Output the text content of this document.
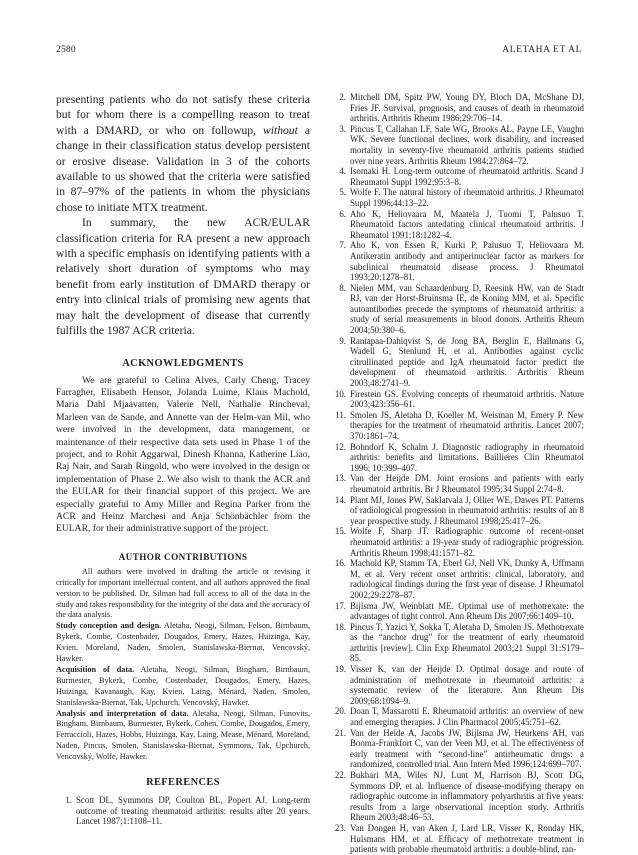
2580	ALETAHA ET AL

presenting patients who do not satisfy these criteria but for whom there is a compelling reason to treat with a DMARD, or who on followup, without a change in their classification status develop persistent or erosive disease. Validation in 3 of the cohorts available to us showed that the criteria were satisfied in 87–97% of the patients in whom the physicians chose to initiate MTX treatment.

In summary, the new ACR/EULAR classification criteria for RA present a new approach with a specific emphasis on identifying patients with a relatively short duration of symptoms who may benefit from early institution of DMARD therapy or entry into clinical trials of promising new agents that may halt the development of disease that currently fulfills the 1987 ACR criteria.

ACKNOWLEDGMENTS

We are grateful to Celina Alves, Carly Cheng, Tracey Farragher, Elisabeth Hensor, Jolanda Luime, Klaus Machold, Maria Dahl Mjaavatten, Valerie Nell, Nathalie Rincheval, Marleen van de Sande, and Annette van der Helm-van Mil, who were involved in the development, data management, or maintenance of their respective data sets used in Phase 1 of the project, and to Rohit Aggarwal, Dinesh Khanna, Katherine Liao, Raj Nair, and Sarah Ringold, who were involved in the design or implementation of Phase 2. We also wish to thank the ACR and the EULAR for their financial support of this project. We are especially grateful to Amy Miller and Regina Parker from the ACR and Heinz Marchesi and Anja Schönbächler from the EULAR, for their administrative support of the project.

AUTHOR CONTRIBUTIONS

All authors were involved in drafting the article or revising it critically for important intellectual content, and all authors approved the final version to be published. Dr. Silman had full access to all of the data in the study and takes responsibility for the integrity of the data and the accuracy of the data analysis.

Study conception and design. Aletaha, Neogi, Silman, Felson, Birnbaum, Bykerk, Combe, Costenbader, Dougados, Emery, Hazes, Huizinga, Kay, Kvien, Moreland, Naden, Smolen, Stanislawska-Biernat, Vencovský, Hawker.

Acquisition of data. Aletaha, Neogi, Silman, Bingham, Birnbaum, Burmester, Bykerk, Combe, Costenbader, Dougados, Emery, Hazes, Huizinga, Kavanaugh, Kay, Kvien, Laing, Ménard, Naden, Smolen, Stanislawska-Biernat, Tak, Upchurch, Vencovský, Hawker.

Analysis and interpretation of data. Aletaha, Neogi, Silman, Funovits, Bingham, Birnbaum, Burmester, Bykerk, Cohen, Combe, Dougados, Emery, Ferraccioli, Hazes, Hobbs, Huizinga, Kay, Laing, Mease, Ménard, Moreland, Naden, Pincus, Smolen, Stanislawska-Biernat, Symmons, Tak, Upchurch, Vencovský, Wolfe, Hawker.

REFERENCES
1. Scott DL, Symmons DP, Coulton BL, Popert AJ. Long-term outcome of treating rheumatoid arthritis: results after 20 years. Lancet 1987;1:1108–11.
2. Mitchell DM, Spitz PW, Young DY, Bloch DA, McShane DJ, Fries JF. Survival, prognosis, and causes of death in rheumatoid arthritis. Arthritis Rheum 1986;29:706–14.
3. Pincus T, Callahan LF, Sale WG, Brooks AL, Payne LE, Vaughn WK. Severe functional declines, work disability, and increased mortality in seventy-five rheumatoid arthritis patients studied over nine years. Arthritis Rheum 1984;27:864–72.
4. Isomaki H. Long-term outcome of rheumatoid arthritis. Scand J Rheumatol Suppl 1992;95:3–8.
5. Wolfe F. The natural history of rheumatoid arthritis. J Rheumatol Suppl 1996;44:13–22.
6. Aho K, Heliovaara M, Maatela J, Tuomi T, Palusuo T. Rheumatoid factors antedating clinical rheumatoid arthritis. J Rheumatol 1991;18:1282–4.
7. Aho K, von Essen R, Kurki P, Palusuo T, Heliovaara M. Antikeratin antibody and antiperinuclear factor as markers for subclinical rheumatoid disease process. J Rheumatol 1993;20:1278–81.
8. Nielen MM, van Schaardenburg D, Reesink HW, van de Stadt RJ, van der Horst-Bruinsma IE, de Koning MM, et al. Specific autoantibodies precede the symptoms of rheumatoid arthritis: a study of serial measurements in blood donors. Arthritis Rheum 2004;50:380–6.
9. Rantapaa-Dahlqvist S, de Jong BA, Berglin E, Hallmans G, Wadell G, Stenlund H, et al. Antibodies against cyclic citrullinated peptide and IgA rheumatoid factor predict the development of rheumatoid arthritis. Arthritis Rheum 2003;48:2741–9.
10. Firestein GS. Evolving concepts of rheumatoid arthritis. Nature 2003;423:356–61.
11. Smolen JS, Aletaha D, Koeller M, Weisman M, Emery P. New therapies for the treatment of rheumatoid arthritis. Lancet 2007; 370:1861–74.
12. Bohndorf K, Schalm J. Diagnostic radiography in rheumatoid arthritis: benefits and limitations. Baillieres Clin Rheumatol 1996; 10:399–407.
13. Van der Heijde DM. Joint erosions and patients with early rheumatoid arthritis. Br J Rheumatol 1995;34 Suppl 2:74–8.
14. Plant MJ, Jones PW, Saklatvala J, Ollier WE, Dawes PT. Patterns of radiological progression in rheumatoid arthritis: results of an 8 year prospective study. J Rheumatol 1998;25:417–26.
15. Wolfe F, Sharp JT. Radiographic outcome of recent-onset rheumatoid arthritis: a 19-year study of radiographic progression. Arthritis Rheum 1998;41:1571–82.
16. Machold KP, Stamm TA, Eberl GJ, Nell VK, Dunky A, Uffmann M, et al. Very recent onset arthritis: clinical, laboratory, and radiological findings during the first year of disease. J Rheumatol 2002;29:2278–87.
17. Bijlsma JW, Weinblatt ME. Optimal use of methotrexate: the advantages of tight control. Ann Rheum Dis 2007;66:1409–10.
18. Pincus T, Yazici Y, Sokka T, Aletaha D, Smolen JS. Methotrexate as the “anchor drug” for the treatment of early rheumatoid arthritis [review]. Clin Exp Rheumatol 2003;21 Suppl 31:S179–85.
19. Visser K, van der Heijde D. Optimal dosage and route of administration of methotrexate in rheumatoid arthritis: a systematic review of the literature. Ann Rheum Dis 2009;68:1094–9.
20. Doan T, Massarotti E. Rheumatoid arthritis: an overview of new and emerging therapies. J Clin Pharmacol 2005;45:751–62.
21. Van der Heide A, Jacobs JW, Bijlsma JW, Heurkens AH, van Booma-Frankfort C, van der Veen MJ, et al. The effectiveness of early treatment with “second-line” antirheumatic drugs: a randomized, controlled trial. Ann Intern Med 1996;124:699–707.
22. Bukhari MA, Wiles NJ, Lunt M, Harrison BJ, Scott DG, Symmons DP, et al. Influence of disease-modifying therapy on radiographic outcome in inflammatory polyarthritis at five years: results from a large observational inception study. Arthritis Rheum 2003;48:46–53.
23. Van Dongen H, van Aken J, Lard LR, Visser K, Ronday HK, Hulsmans HM, et al. Efficacy of methotrexate treatment in patients with probable rheumatoid arthritis: a double-blind, ran-
